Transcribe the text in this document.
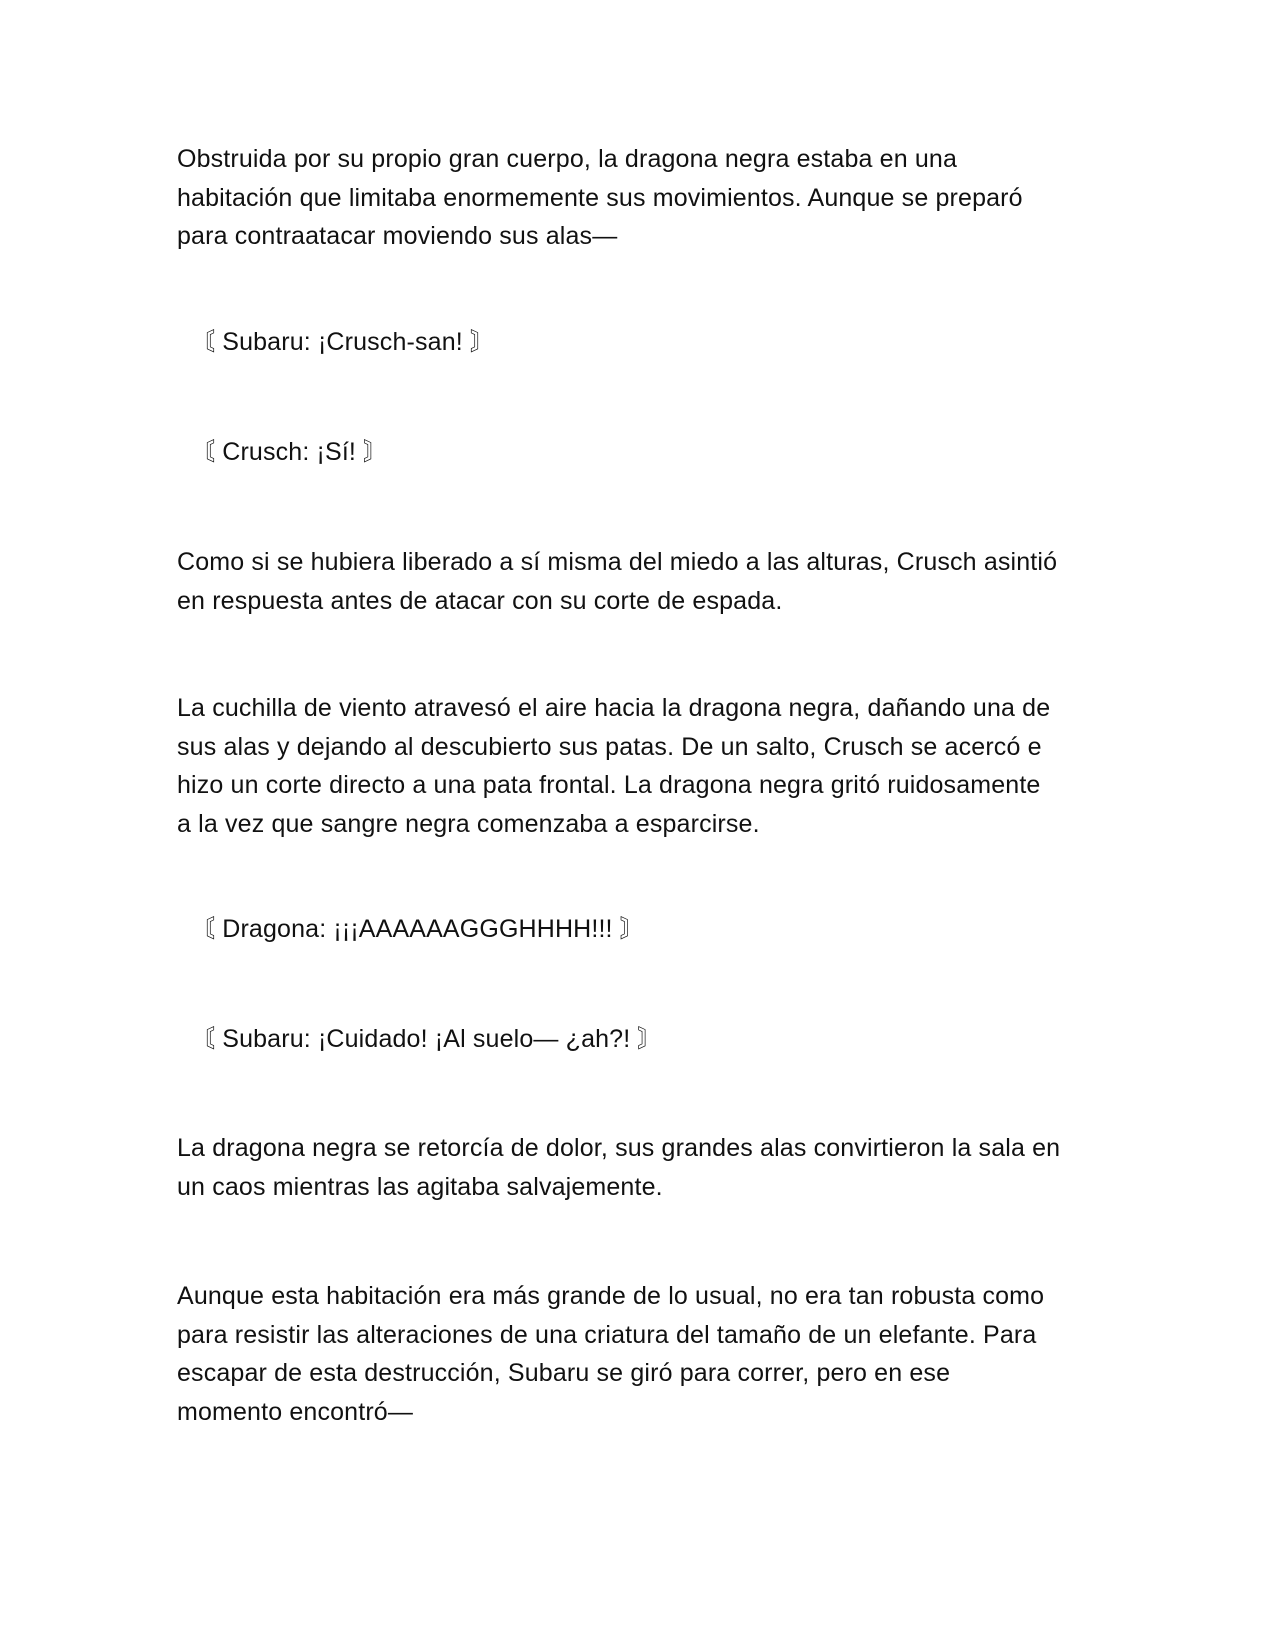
Obstruida por su propio gran cuerpo, la dragona negra estaba en una
habitación que limitaba enormemente sus movimientos. Aunque se preparó
para contraatacar moviendo sus alas—
〘 Subaru: ¡Crusch-san! 〙
〘 Crusch: ¡Sí! 〙
Como si se hubiera liberado a sí misma del miedo a las alturas, Crusch asintió
en respuesta antes de atacar con su corte de espada.
La cuchilla de viento atravesó el aire hacia la dragona negra, dañando una de
sus alas y dejando al descubierto sus patas. De un salto, Crusch se acercó e
hizo un corte directo a una pata frontal. La dragona negra gritó ruidosamente
a la vez que sangre negra comenzaba a esparcirse.
〘 Dragona: ¡¡¡AAAAAAGGGHHHH!!! 〙
〘 Subaru: ¡Cuidado! ¡Al suelo— ¿ah?! 〙
La dragona negra se retorcía de dolor, sus grandes alas convirtieron la sala en
un caos mientras las agitaba salvajemente.
Aunque esta habitación era más grande de lo usual, no era tan robusta como
para resistir las alteraciones de una criatura del tamaño de un elefante. Para
escapar de esta destrucción, Subaru se giró para correr, pero en ese
momento encontró—
